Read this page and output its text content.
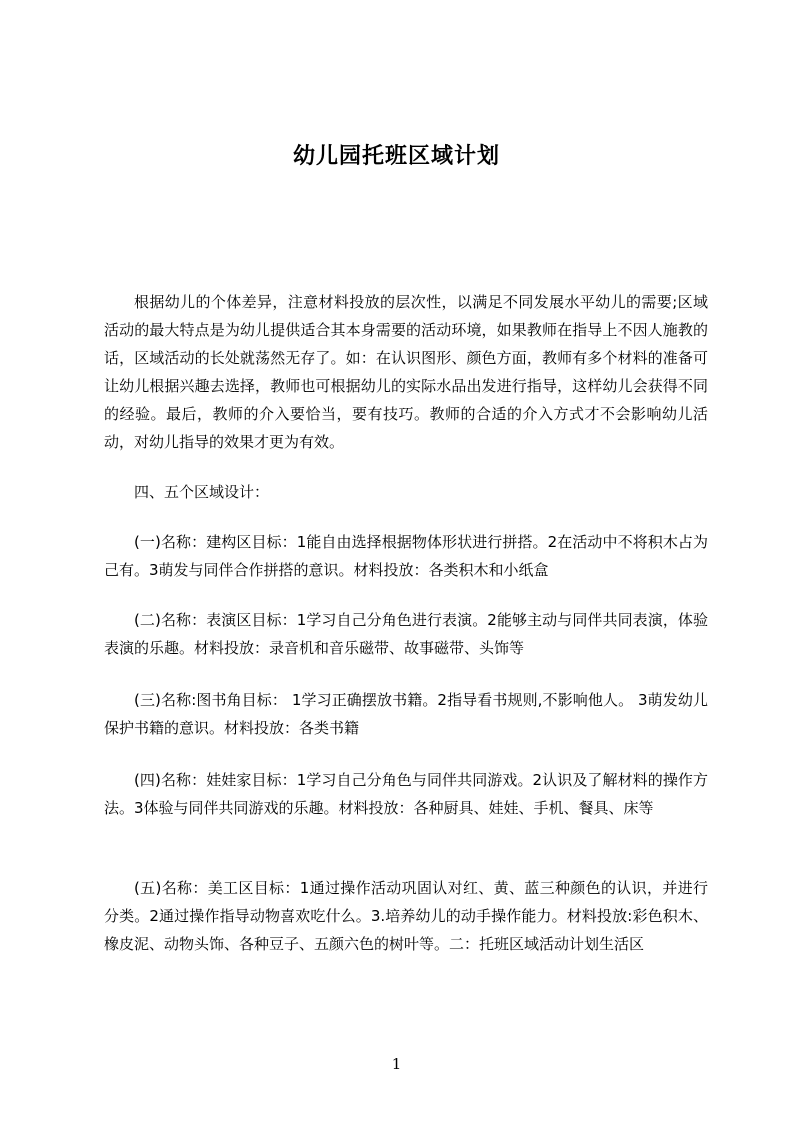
幼儿园托班区域计划

根据幼儿的个体差异，注意材料投放的层次性，以满足不同发展水平幼儿的需要;区域活动的最大特点是为幼儿提供适合其本身需要的活动环境，如果教师在指导上不因人施教的话，区域活动的长处就荡然无存了。如：在认识图形、颜色方面，教师有多个材料的准备可让幼儿根据兴趣去选择，教师也可根据幼儿的实际水品出发进行指导，这样幼儿会获得不同的经验。最后，教师的介入要恰当，要有技巧。教师的合适的介入方式才不会影响幼儿活动，对幼儿指导的效果才更为有效。

四、五个区域设计：

(一)名称：建构区目标：1能自由选择根据物体形状进行拼搭。2在活动中不将积木占为己有。3萌发与同伴合作拼搭的意识。材料投放：各类积木和小纸盒

(二)名称：表演区目标：1学习自己分角色进行表演。2能够主动与同伴共同表演，体验表演的乐趣。材料投放：录音机和音乐磁带、故事磁带、头饰等

(三)名称:图书角目标： 1学习正确摆放书籍。2指导看书规则,不影响他人。 3萌发幼儿保护书籍的意识。材料投放：各类书籍

(四)名称：娃娃家目标：1学习自己分角色与同伴共同游戏。2认识及了解材料的操作方法。3体验与同伴共同游戏的乐趣。材料投放：各种厨具、娃娃、手机、餐具、床等

(五)名称：美工区目标：1通过操作活动巩固认对红、黄、蓝三种颜色的认识，并进行分类。2通过操作指导动物喜欢吃什么。3.培养幼儿的动手操作能力。材料投放:彩色积木、橡皮泥、动物头饰、各种豆子、五颜六色的树叶等。二：托班区域活动计划生活区

1
